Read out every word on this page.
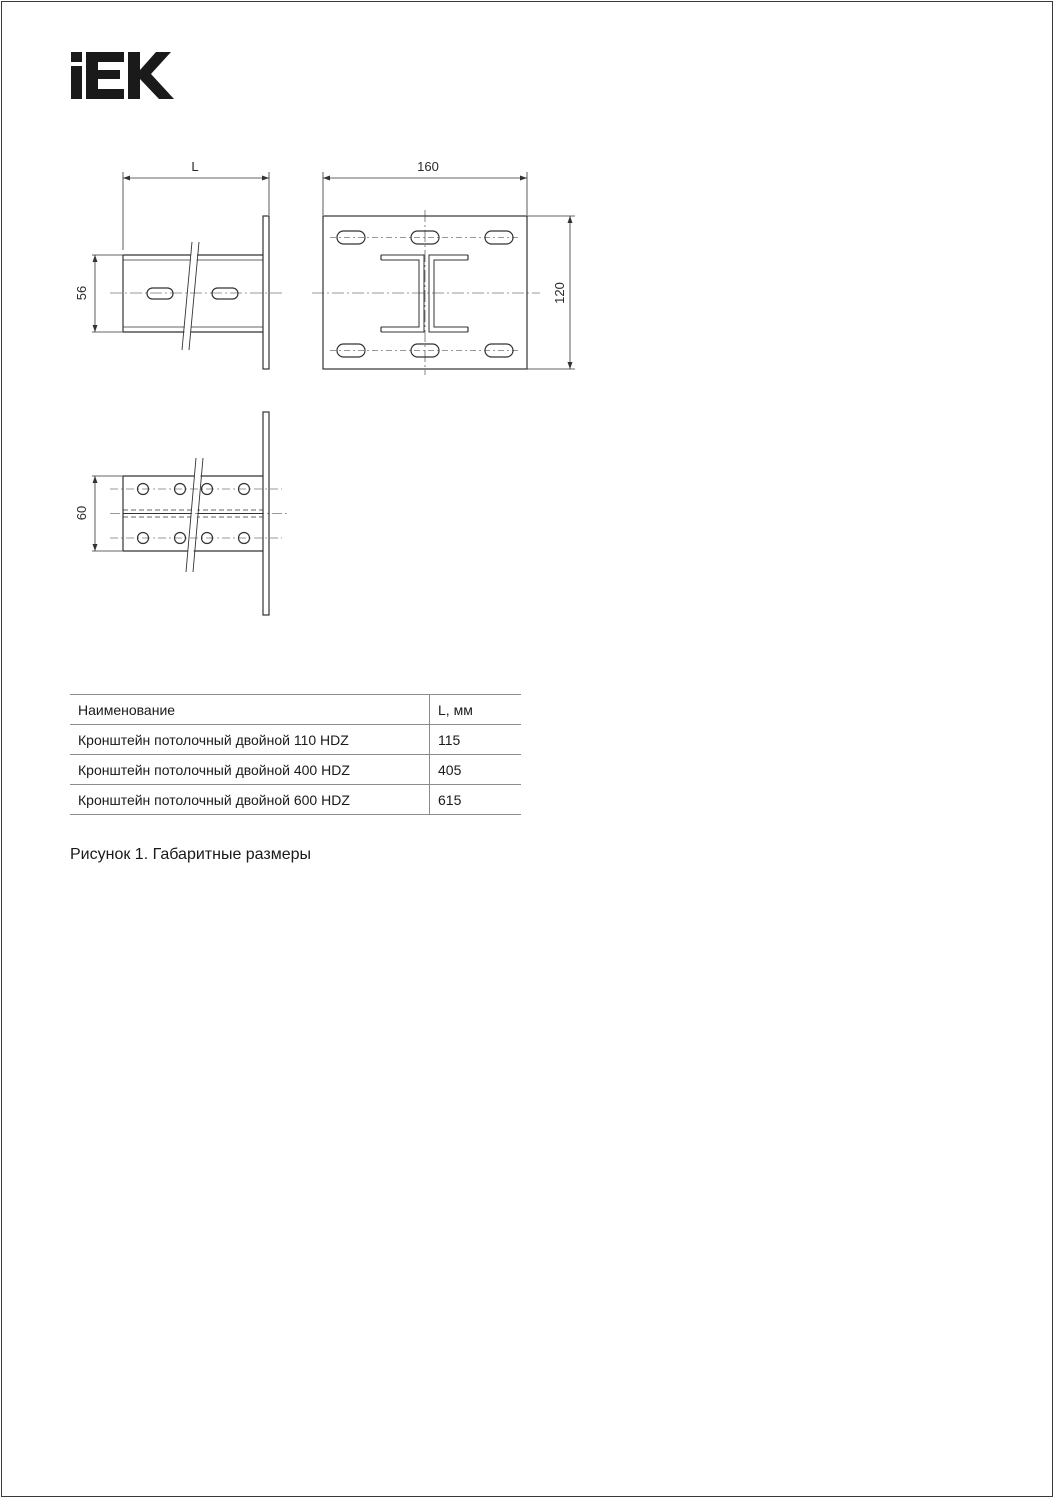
L	160
56	120
60
Наименование	L, мм
Кронштейн потолочный двойной 110 HDZ	115
Кронштейн потолочный двойной 400 HDZ	405
Кронштейн потолочный двойной 600 HDZ	615

Рисунок 1. Габаритные размеры
